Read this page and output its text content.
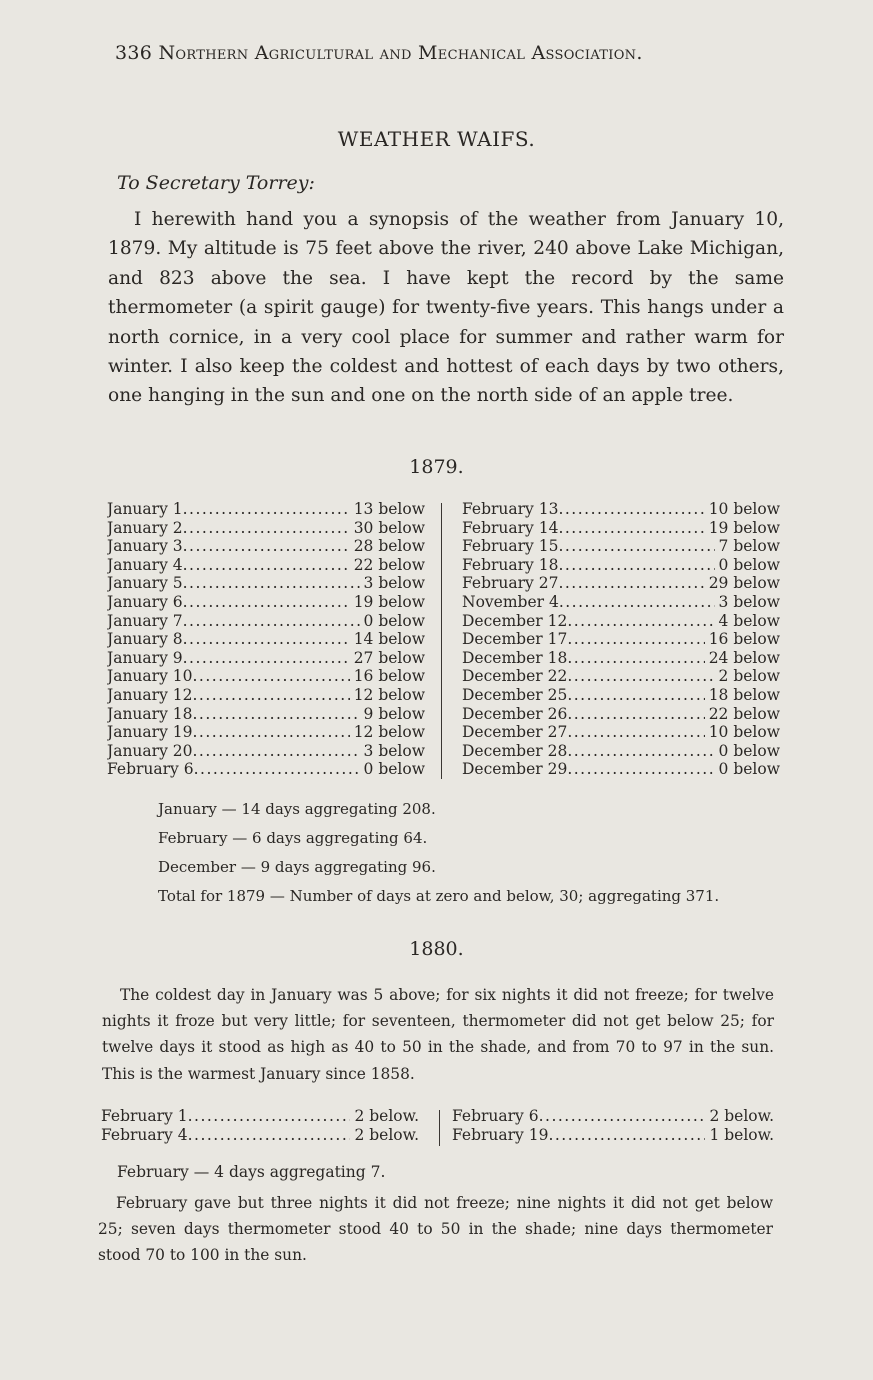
336 Northern Agricultural and Mechanical Association.
WEATHER WAIFS.
To Secretary Torrey:

I herewith hand you a synopsis of the weather from January 10, 1879. My altitude is 75 feet above the river, 240 above Lake Michigan, and 823 above the sea. I have kept the record by the same thermometer (a spirit gauge) for twenty-five years. This hangs under a north cornice, in a very cool place for summer and rather warm for winter. I also keep the coldest and hottest of each days by two others, one hanging in the sun and one on the north side of an apple tree.

1879.
January 1 .....	13 below
January 2 .....	30 below
January 3 .....	28 below
January 4 .....	22 below
January 5 .....	3 below
January 6 .....	19 below
January 7 .....	0 below
January 8 .....	14 below
January 9 .....	27 below
January 10 .....	16 below
January 12 .....	12 below
January 18 .....	9 below
January 19 .....	12 below
January 20 .....	3 below
February 6 .....	0 below
February 13 .....	10 below
February 14 .....	19 below
February 15 .....	7 below
February 18 .....	0 below
February 27 .....	29 below
November 4 .....	3 below
December 12 .....	4 below
December 17 .....	16 below
December 18 .....	24 below
December 22 .....	2 below
December 25 .....	18 below
December 26 .....	22 below
December 27 .....	10 below
December 28 .....	0 below
December 29 .....	0 below
January — 14 days aggregating 208.
February — 6 days aggregating 64.
December — 9 days aggregating 96.
Total for 1879 — Number of days at zero and below, 30; aggregating 371.
1880.

The coldest day in January was 5 above; for six nights it did not freeze; for twelve nights it froze but very little; for seventeen, thermometer did not get below 25; for twelve days it stood as high as 40 to 50 in the shade, and from 70 to 97 in the sun. This is the warmest January since 1858.

February 1 .....	2 below.
February 4 .....	2 below.
February 6 .....	2 below.
February 19 .....	1 below.
February — 4 days aggregating 7.

February gave but three nights it did not freeze; nine nights it did not get below 25; seven days thermometer stood 40 to 50 in the shade; nine days thermometer stood 70 to 100 in the sun.
